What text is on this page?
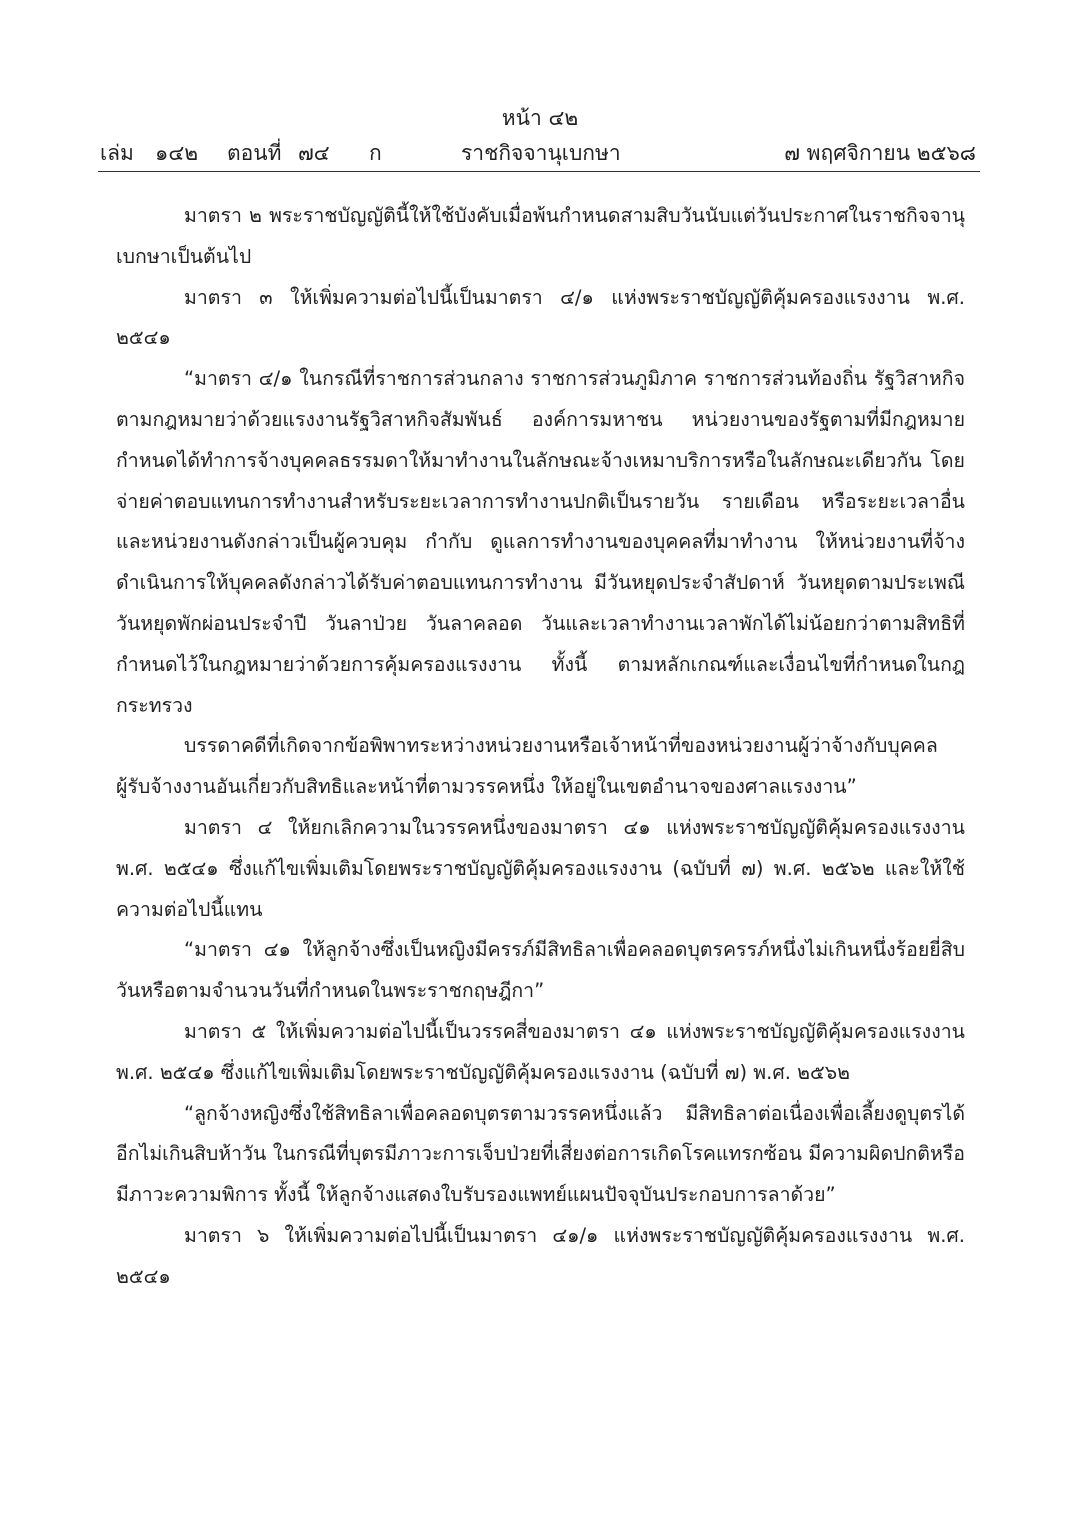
หน้า ๔๒
เล่ม ๑๔๒ ตอนที่ ๗๔ ก	ราชกิจจานุเบกษา	๗ พฤศจิกายน ๒๕๖๘

มาตรา ๒ พระราชบัญญัตินี้ให้ใช้บังคับเมื่อพ้นกำหนดสามสิบวันนับแต่วันประกาศในราชกิจจานุเบกษาเป็นต้นไป

มาตรา ๓ ให้เพิ่มความต่อไปนี้เป็นมาตรา ๔/๑ แห่งพระราชบัญญัติคุ้มครองแรงงาน พ.ศ. ๒๕๔๑

“มาตรา ๔/๑ ในกรณีที่ราชการส่วนกลาง ราชการส่วนภูมิภาค ราชการส่วนท้องถิ่น รัฐวิสาหกิจตามกฎหมายว่าด้วยแรงงานรัฐวิสาหกิจสัมพันธ์ องค์การมหาชน หน่วยงานของรัฐตามที่มีกฎหมายกำหนดได้ทำการจ้างบุคคลธรรมดาให้มาทำงานในลักษณะจ้างเหมาบริการหรือในลักษณะเดียวกัน โดยจ่ายค่าตอบแทนการทำงานสำหรับระยะเวลาการทำงานปกติเป็นรายวัน รายเดือน หรือระยะเวลาอื่น และหน่วยงานดังกล่าวเป็นผู้ควบคุม กำกับ ดูแลการทำงานของบุคคลที่มาทำงาน ให้หน่วยงานที่จ้างดำเนินการให้บุคคลดังกล่าวได้รับค่าตอบแทนการทำงาน มีวันหยุดประจำสัปดาห์ วันหยุดตามประเพณี วันหยุดพักผ่อนประจำปี วันลาป่วย วันลาคลอด วันและเวลาทำงานเวลาพักได้ไม่น้อยกว่าตามสิทธิที่กำหนดไว้ในกฎหมายว่าด้วยการคุ้มครองแรงงาน ทั้งนี้ ตามหลักเกณฑ์และเงื่อนไขที่กำหนดในกฎกระทรวง

บรรดาคดีที่เกิดจากข้อพิพาทระหว่างหน่วยงานหรือเจ้าหน้าที่ของหน่วยงานผู้ว่าจ้างกับบุคคลผู้รับจ้างงานอันเกี่ยวกับสิทธิและหน้าที่ตามวรรคหนึ่ง ให้อยู่ในเขตอำนาจของศาลแรงงาน”

มาตรา ๔ ให้ยกเลิกความในวรรคหนึ่งของมาตรา ๔๑ แห่งพระราชบัญญัติคุ้มครองแรงงาน พ.ศ. ๒๕๔๑ ซึ่งแก้ไขเพิ่มเติมโดยพระราชบัญญัติคุ้มครองแรงงาน (ฉบับที่ ๗) พ.ศ. ๒๕๖๒ และให้ใช้ความต่อไปนี้แทน

“มาตรา ๔๑ ให้ลูกจ้างซึ่งเป็นหญิงมีครรภ์มีสิทธิลาเพื่อคลอดบุตรครรภ์หนึ่งไม่เกินหนึ่งร้อยยี่สิบวันหรือตามจำนวนวันที่กำหนดในพระราชกฤษฎีกา”

มาตรา ๕ ให้เพิ่มความต่อไปนี้เป็นวรรคสี่ของมาตรา ๔๑ แห่งพระราชบัญญัติคุ้มครองแรงงาน พ.ศ. ๒๕๔๑ ซึ่งแก้ไขเพิ่มเติมโดยพระราชบัญญัติคุ้มครองแรงงาน (ฉบับที่ ๗) พ.ศ. ๒๕๖๒

“ลูกจ้างหญิงซึ่งใช้สิทธิลาเพื่อคลอดบุตรตามวรรคหนึ่งแล้ว มีสิทธิลาต่อเนื่องเพื่อเลี้ยงดูบุตรได้อีกไม่เกินสิบห้าวัน ในกรณีที่บุตรมีภาวะการเจ็บป่วยที่เสี่ยงต่อการเกิดโรคแทรกซ้อน มีความผิดปกติหรือมีภาวะความพิการ ทั้งนี้ ให้ลูกจ้างแสดงใบรับรองแพทย์แผนปัจจุบันประกอบการลาด้วย”

มาตรา ๖ ให้เพิ่มความต่อไปนี้เป็นมาตรา ๔๑/๑ แห่งพระราชบัญญัติคุ้มครองแรงงาน พ.ศ. ๒๕๔๑
